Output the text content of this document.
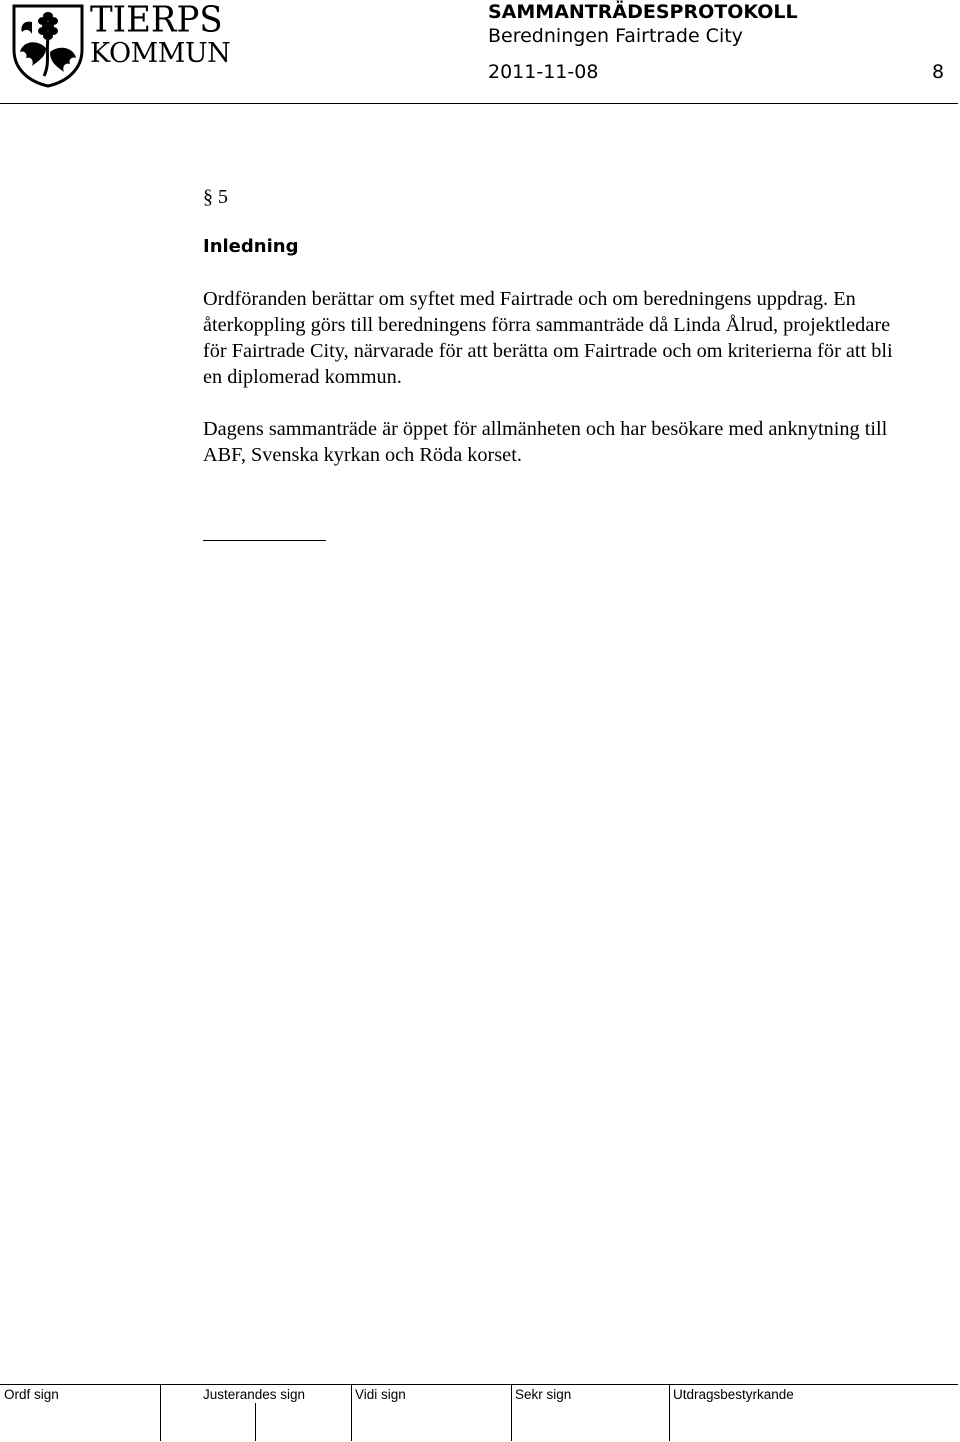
TIERPS
KOMMUN
SAMMANTRÄDESPROTOKOLL
Beredningen Fairtrade City
2011-11-08	8

§ 5

Inledning

Ordföranden berättar om syftet med Fairtrade och om beredningens uppdrag. En återkoppling görs till beredningens förra sammanträde då Linda Ålrud, projektledare för Fairtrade City, närvarade för att berätta om Fairtrade och om kriterierna för att bli en diplomerad kommun.

Dagens sammanträde är öppet för allmänheten och har besökare med anknytning till ABF, Svenska kyrkan och Röda korset.

Ordf sign	Justerandes sign	Vidi sign	Sekr sign	Utdragsbestyrkande
